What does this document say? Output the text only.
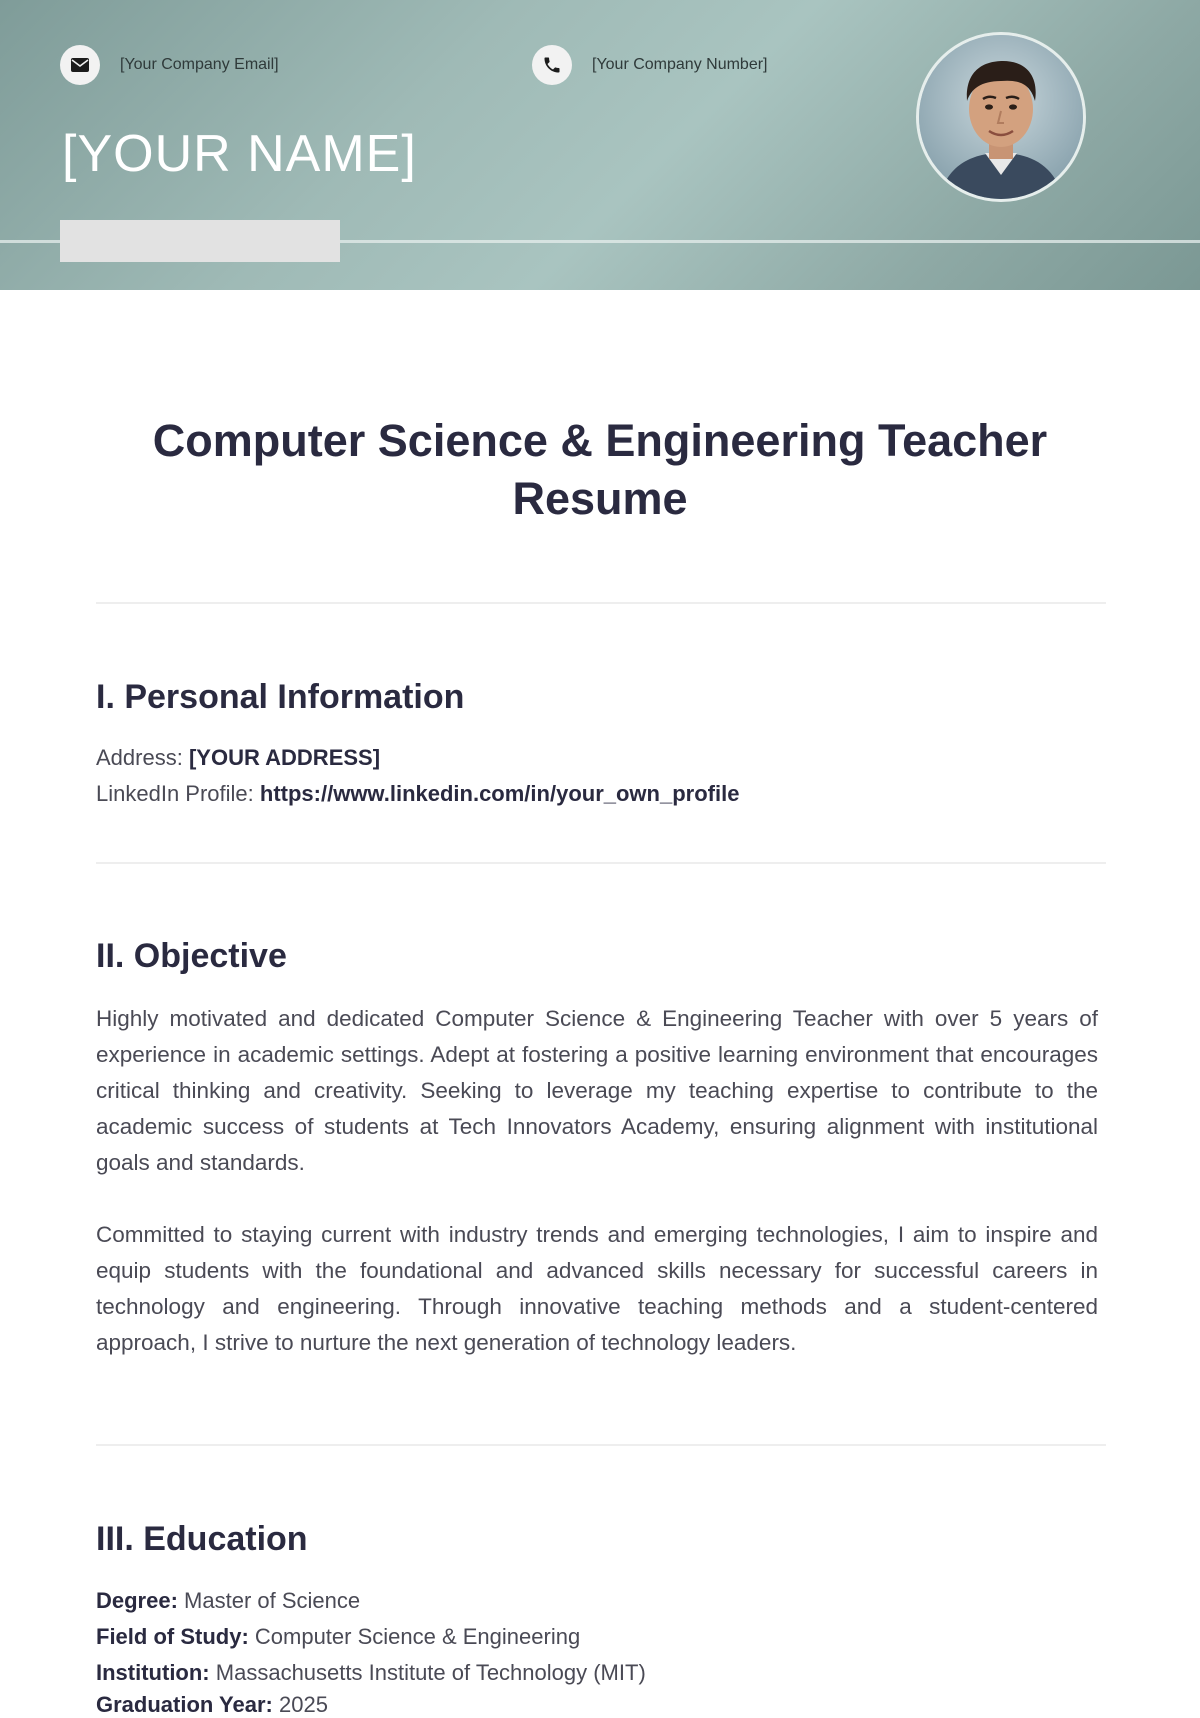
[Your Company Email]	[Your Company Number]
[YOUR NAME]
Computer Science & Engineering Teacher Resume
I. Personal Information
Address: [YOUR ADDRESS]
LinkedIn Profile: https://www.linkedin.com/in/your_own_profile
II. Objective

Highly motivated and dedicated Computer Science & Engineering Teacher with over 5 years of experience in academic settings. Adept at fostering a positive learning environment that encourages critical thinking and creativity. Seeking to leverage my teaching expertise to contribute to the academic success of students at Tech Innovators Academy, ensuring alignment with institutional goals and standards.

Committed to staying current with industry trends and emerging technologies, I aim to inspire and equip students with the foundational and advanced skills necessary for successful careers in technology and engineering. Through innovative teaching methods and a student-centered approach, I strive to nurture the next generation of technology leaders.

III. Education
Degree: Master of Science
Field of Study: Computer Science & Engineering
Institution: Massachusetts Institute of Technology (MIT)
Graduation Year: 2025
